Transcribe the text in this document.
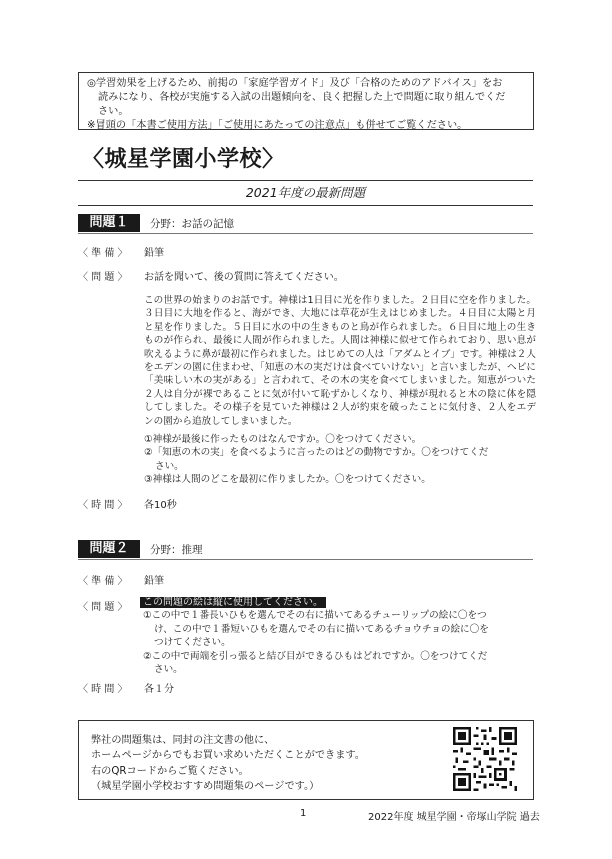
◎学習効果を上げるため、前掲の「家庭学習ガイド」及び「合格のためのアドバイス」をお

読みになり、各校が実施する入試の出題傾向を、良く把握した上で問題に取り組んでくだ

さい。

※冒頭の「本書ご使用方法」「ご使用にあたっての注意点」も併せてご覧ください。

〈城星学園小学校〉
2021年度の最新問題
問題１	分野：お話の記憶
〈 準 備 〉 鉛筆
〈 問 題 〉 お話を聞いて、後の質問に答えてください。
この世界の始まりのお話です。神様は1日目に光を作りました。２日目に空を作りました。３日目に大地を作ると、海ができ、大地には草花が生えはじめました。４日目に太陽と月と星を作りました。５日目に水の中の生きものと鳥が作られました。６日目に地上の生きものが作られ、最後に人間が作られました。人間は神様に似せて作られており、思い息が吹えるように鼻が最初に作られました。はじめての人は「アダムとイブ」です。神様は２人をエデンの園に住まわせ、「知恵の木の実だけは食べていけない」と言いましたが、ヘビに「美味しい木の実がある」と言われて、その木の実を食べてしまいました。知恵がついた２人は自分が裸であることに気が付いて恥ずかしくなり、神様が現れると木の陰に体を隠してしました。その様子を見ていた神様は２人が約束を破ったことに気付き、２人をエデンの園から追放してしまいました。
①神様が最後に作ったものはなんですか。〇をつけてください。
②「知恵の木の実」を食べるように言ったのはどの動物ですか。〇をつけてくだ
さい。
③神様は人間のどこを最初に作りましたか。〇をつけてください。
〈 時 間 〉 各10秒
問題２	分野：推理
〈 準 備 〉 鉛筆
〈 問 題 〉	この問題の絵は縦に使用してください。
①この中で１番長いひもを選んでその右に描いてあるチューリップの絵に〇をつ
け、この中で１番短いひもを選んでその右に描いてあるチョウチョの絵に〇を
つけてください。
②この中で両端を引っ張ると結び目ができるひもはどれですか。〇をつけてくだ
さい。
〈 時 間 〉 各１分
弊社の問題集は、同封の注文書の他に、
ホームページからでもお買い求めいただくことができます。
右のQRコードからご覧ください。
（城星学園小学校おすすめ問題集のページです。）
1	2022年度 城星学園・帝塚山学院 過去
